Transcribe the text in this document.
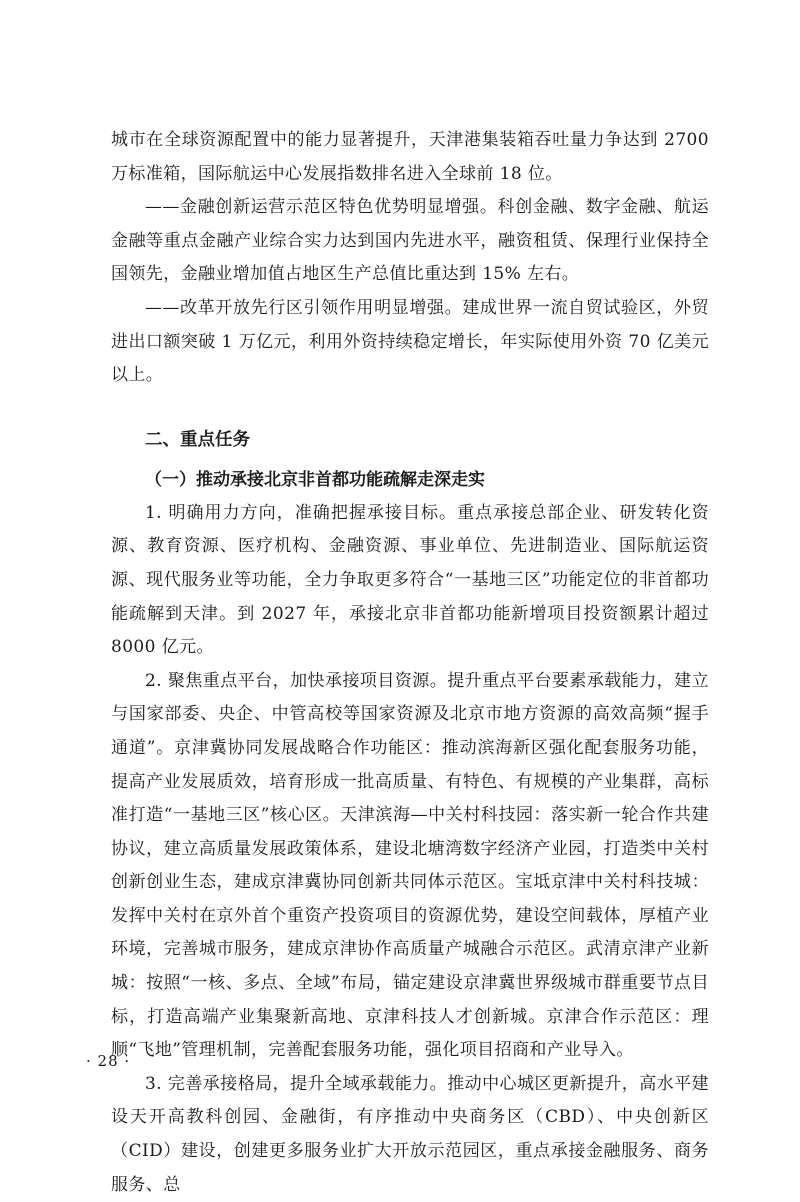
城市在全球资源配置中的能力显著提升，天津港集装箱吞吐量力争达到 2700 万标准箱，国际航运中心发展指数排名进入全球前 18 位。

——金融创新运营示范区特色优势明显增强。科创金融、数字金融、航运金融等重点金融产业综合实力达到国内先进水平，融资租赁、保理行业保持全国领先，金融业增加值占地区生产总值比重达到 15% 左右。

——改革开放先行区引领作用明显增强。建成世界一流自贸试验区，外贸进出口额突破 1 万亿元，利用外资持续稳定增长，年实际使用外资 70 亿美元以上。

二、重点任务
（一）推动承接北京非首都功能疏解走深走实

1. 明确用力方向，准确把握承接目标。重点承接总部企业、研发转化资源、教育资源、医疗机构、金融资源、事业单位、先进制造业、国际航运资源、现代服务业等功能，全力争取更多符合“一基地三区”功能定位的非首都功能疏解到天津。到 2027 年，承接北京非首都功能新增项目投资额累计超过 8000 亿元。

2. 聚焦重点平台，加快承接项目资源。提升重点平台要素承载能力，建立与国家部委、央企、中管高校等国家资源及北京市地方资源的高效高频“握手通道”。京津冀协同发展战略合作功能区：推动滨海新区强化配套服务功能，提高产业发展质效，培育形成一批高质量、有特色、有规模的产业集群，高标准打造“一基地三区”核心区。天津滨海—中关村科技园：落实新一轮合作共建协议，建立高质量发展政策体系，建设北塘湾数字经济产业园，打造类中关村创新创业生态，建成京津冀协同创新共同体示范区。宝坻京津中关村科技城：发挥中关村在京外首个重资产投资项目的资源优势，建设空间载体，厚植产业环境，完善城市服务，建成京津协作高质量产城融合示范区。武清京津产业新城：按照“一核、多点、全域”布局，锚定建设京津冀世界级城市群重要节点目标，打造高端产业集聚新高地、京津科技人才创新城。京津合作示范区：理顺“飞地”管理机制，完善配套服务功能，强化项目招商和产业导入。

3. 完善承接格局，提升全域承载能力。推动中心城区更新提升，高水平建设天开高教科创园、金融街，有序推动中央商务区（CBD）、中央创新区（CID）建设，创建更多服务业扩大开放示范园区，重点承接金融服务、商务服务、总

· 28 ·
